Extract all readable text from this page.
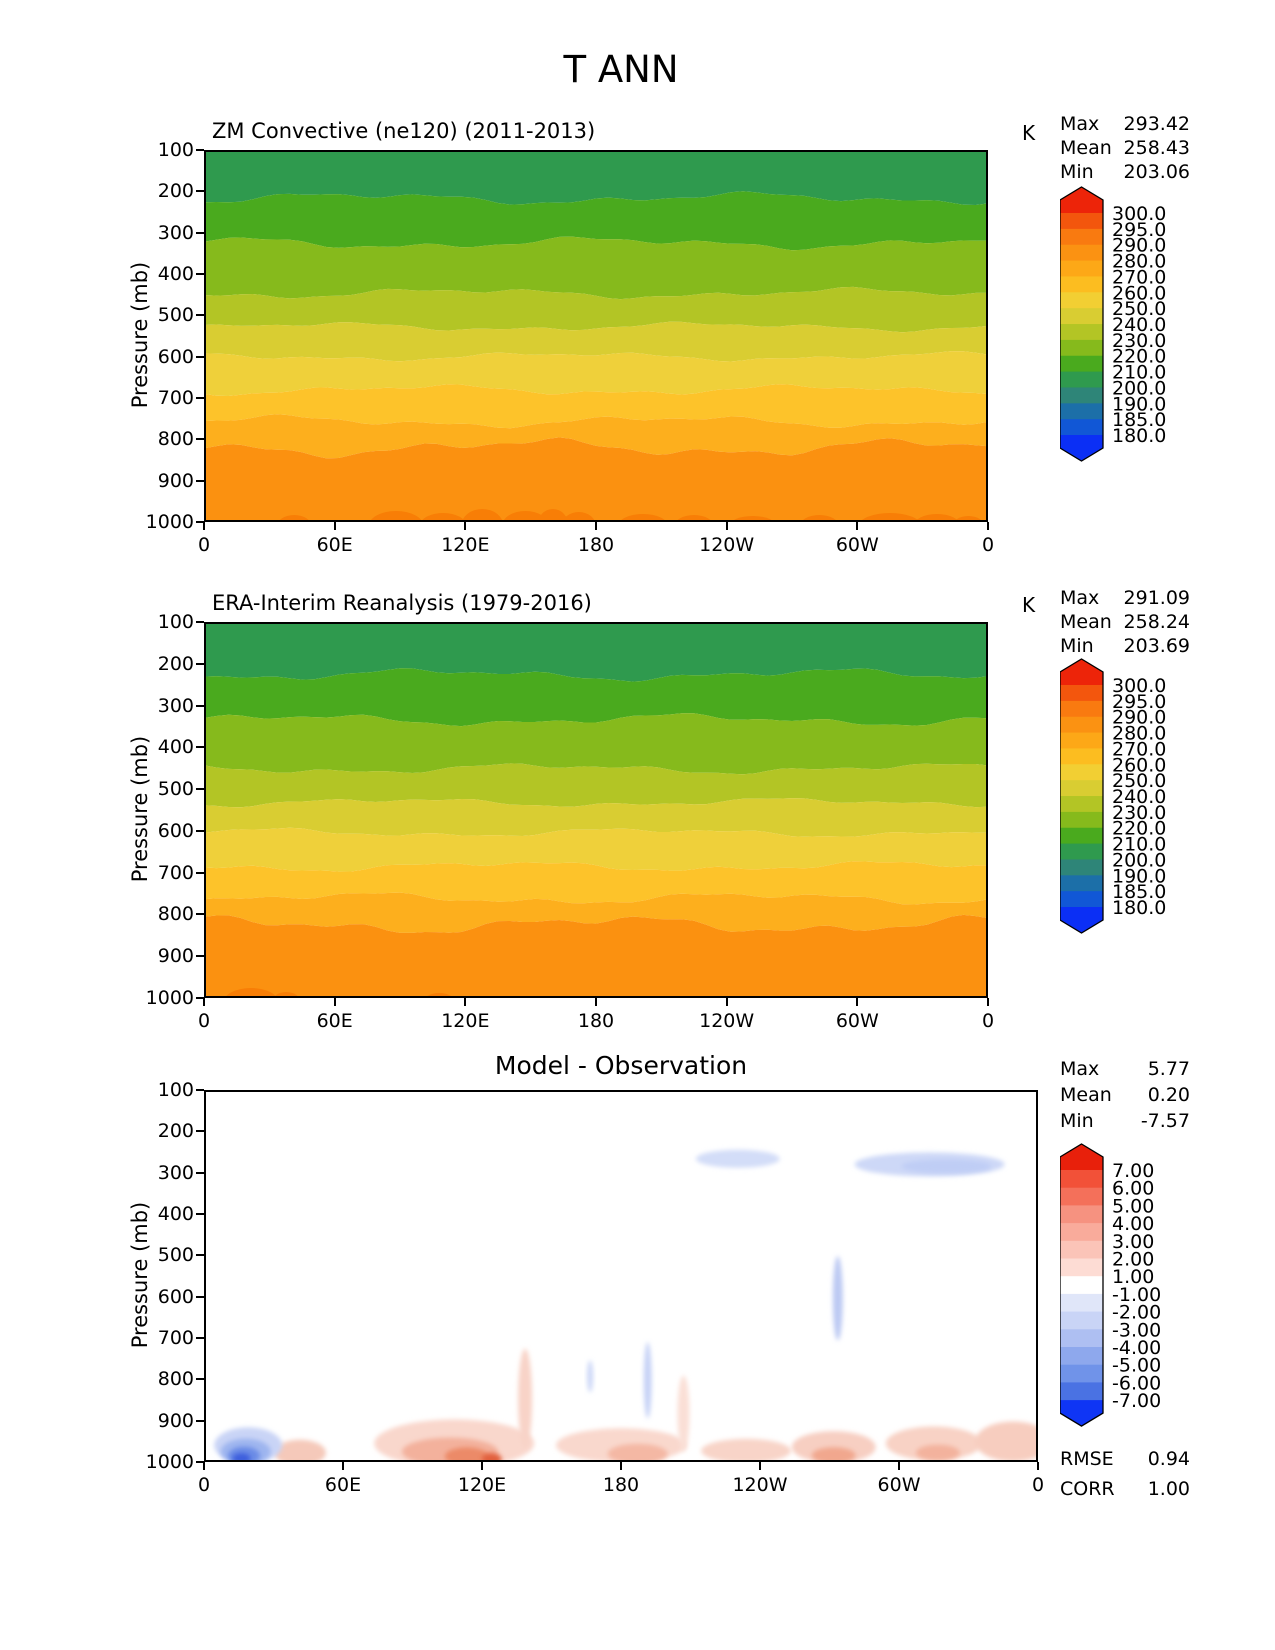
T ANN
ZM Convective (ne120) (2011-2013)	K Max 293.42
Mean 258.43
Min 203.06
Pressure (mb)
ERA-Interim Reanalysis (1979-2016)	K Max 291.09
Mean 258.24
Min 203.69
Pressure (mb)
Model - Observation	Max	5.77
Mean 0.20
Min -7.57
RMSE 0.94
CORR 1.00
Pressure (mb)
100
200
300
400
500
600
700
800
900
1000
0	60E	120E	180	120W	60W	0
300.0
295.0
290.0
280.0
270.0
260.0
250.0
240.0
230.0
220.0
210.0
200.0
190.0
185.0
180.0
100
200
300
400
500
600
700
800
900
1000
0	60E	120E	180	120W	60W	0
300.0
295.0
290.0
280.0
270.0
260.0
250.0
240.0
230.0
220.0
210.0
200.0
190.0
185.0
180.0
100
200
300
400
500
600
700
800
900
1000
0	60E	120E	180	120W	60W	0
7.00
6.00
5.00
4.00
3.00
2.00
1.00
-1.00
-2.00
-3.00
-4.00
-5.00
-6.00
-7.00
